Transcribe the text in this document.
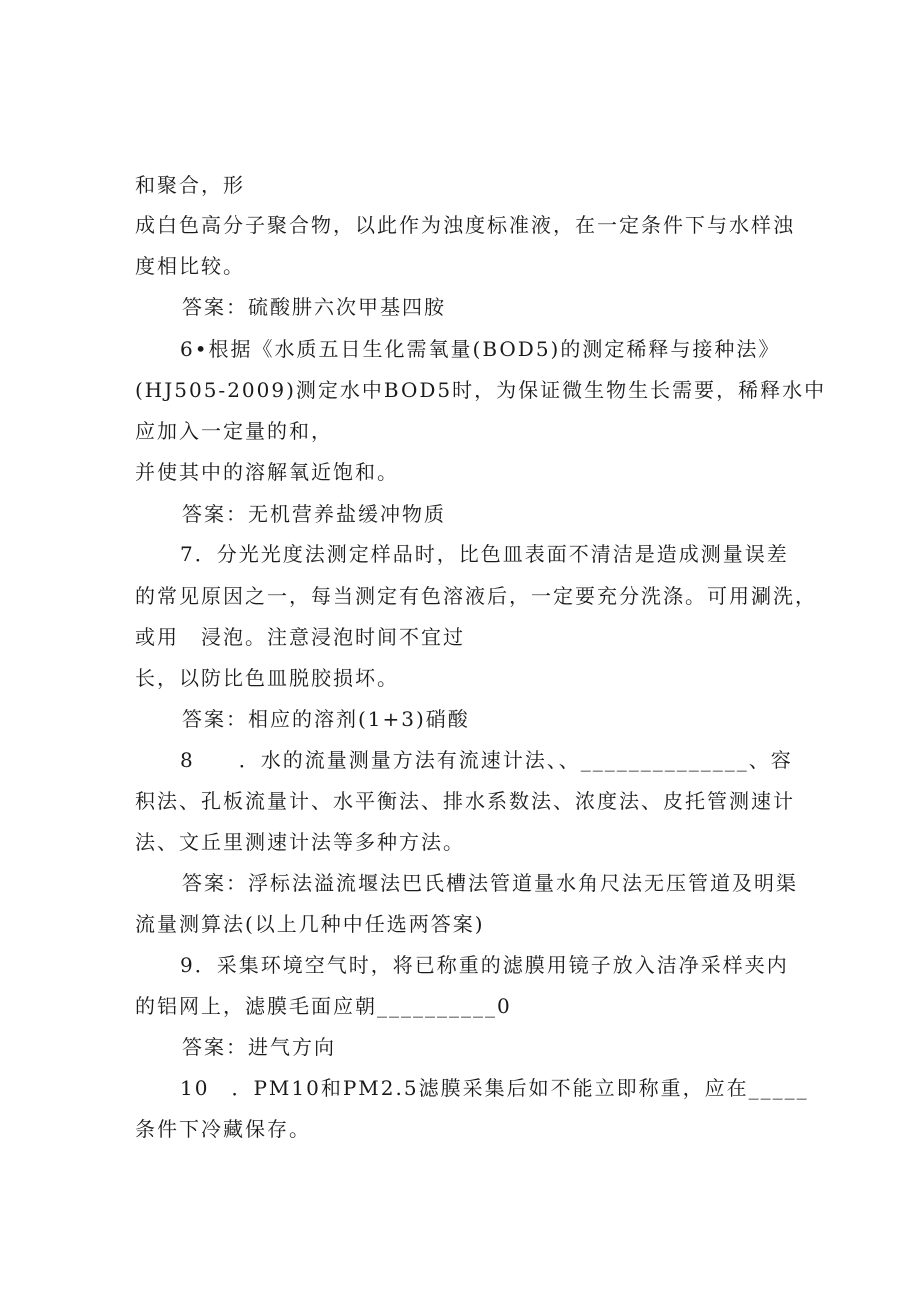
和聚合，形
成白色高分子聚合物，以此作为浊度标准液，在一定条件下与水样浊
度相比较。
答案：硫酸肼六次甲基四胺
6•根据《水质五日生化需氧量(BOD5)的测定稀释与接种法》
(HJ505-2009)测定水中BOD5时，为保证微生物生长需要，稀释水中
应加入一定量的和，
并使其中的溶解氧近饱和。
答案：无机营养盐缓冲物质
7．分光光度法测定样品时，比色皿表面不清洁是造成测量误差
的常见原因之一，每当测定有色溶液后，一定要充分洗涤。可用涮洗，
或用　浸泡。注意浸泡时间不宜过
长，以防比色皿脱胶损坏。
答案：相应的溶剂(1+3)硝酸
8　　．水的流量测量方法有流速计法、、______________、容
积法、孔板流量计、水平衡法、排水系数法、浓度法、皮托管测速计
法、文丘里测速计法等多种方法。
答案：浮标法溢流堰法巴氏槽法管道量水角尺法无压管道及明渠
流量测算法(以上几种中任选两答案)
9．采集环境空气时，将已称重的滤膜用镜子放入洁净采样夹内
的铝网上，滤膜毛面应朝__________0
答案：进气方向
10　．PM10和PM2.5滤膜采集后如不能立即称重，应在_____
条件下冷藏保存。
